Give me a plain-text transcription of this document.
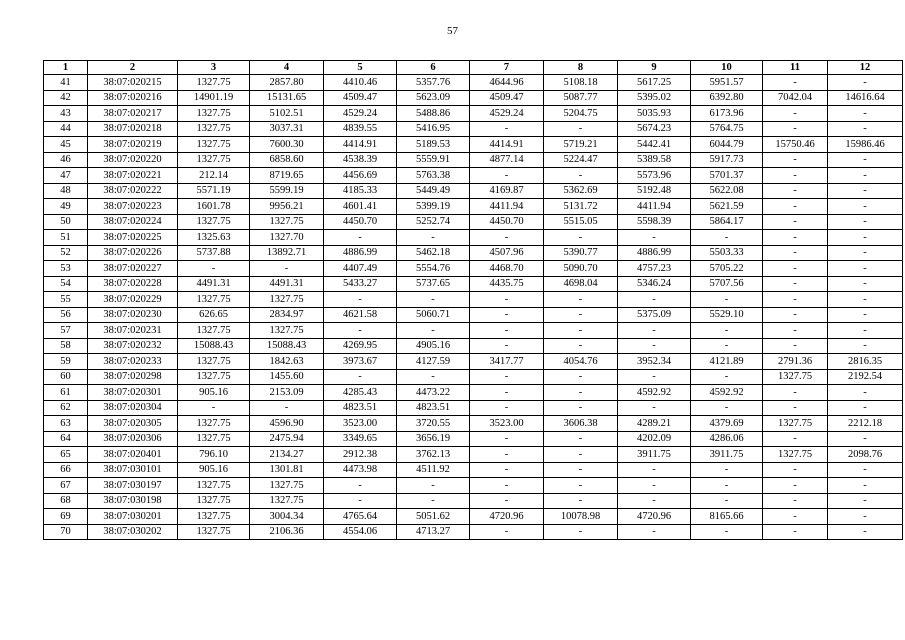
57
1	2	3	4	5	6	7	8	9	10	11	12
41	38:07:020215	1327.75	2857.80	4410.46	5357.76	4644.96	5108.18	5617.25	5951.57	-	-
42	38:07:020216	14901.19	15131.65	4509.47	5623.09	4509.47	5087.77	5395.02	6392.80	7042.04	14616.64
43	38:07:020217	1327.75	5102.51	4529.24	5488.86	4529.24	5204.75	5035.93	6173.96	-	-
44	38:07:020218	1327.75	3037.31	4839.55	5416.95	-	-	5674.23	5764.75	-	-
45	38:07:020219	1327.75	7600.30	4414.91	5189.53	4414.91	5719.21	5442.41	6044.79	15750.46	15986.46
46	38:07:020220	1327.75	6858.60	4538.39	5559.91	4877.14	5224.47	5389.58	5917.73	-	-
47	38:07:020221	212.14	8719.65	4456.69	5763.38	-	-	5573.96	5701.37	-	-
48	38:07:020222	5571.19	5599.19	4185.33	5449.49	4169.87	5362.69	5192.48	5622.08	-	-
49	38:07:020223	1601.78	9956.21	4601.41	5399.19	4411.94	5131.72	4411.94	5621.59	-	-
50	38:07:020224	1327.75	1327.75	4450.70	5252.74	4450.70	5515.05	5598.39	5864.17	-	-
51	38:07:020225	1325.63	1327.70	-	-	-	-	-	-	-	-
52	38:07:020226	5737.88	13892.71	4886.99	5462.18	4507.96	5390.77	4886.99	5503.33	-	-
53	38:07:020227	-	-	4407.49	5554.76	4468.70	5090.70	4757.23	5705.22	-	-
54	38:07:020228	4491.31	4491.31	5433.27	5737.65	4435.75	4698.04	5346.24	5707.56	-	-
55	38:07:020229	1327.75	1327.75	-	-	-	-	-	-	-	-
56	38:07:020230	626.65	2834.97	4621.58	5060.71	-	-	5375.09	5529.10	-	-
57	38:07:020231	1327.75	1327.75	-	-	-	-	-	-	-	-
58	38:07:020232	15088.43	15088.43	4269.95	4905.16	-	-	-	-	-	-
59	38:07:020233	1327.75	1842.63	3973.67	4127.59	3417.77	4054.76	3952.34	4121.89	2791.36	2816.35
60	38:07:020298	1327.75	1455.60	-	-	-	-	-	-	1327.75	2192.54
61	38:07:020301	905.16	2153.09	4285.43	4473.22	-	-	4592.92	4592.92	-	-
62	38:07:020304	-	-	4823.51	4823.51	-	-	-	-	-	-
63	38:07:020305	1327.75	4596.90	3523.00	3720.55	3523.00	3606.38	4289.21	4379.69	1327.75	2212.18
64	38:07:020306	1327.75	2475.94	3349.65	3656.19	-	-	4202.09	4286.06	-	-
65	38:07:020401	796.10	2134.27	2912.38	3762.13	-	-	3911.75	3911.75	1327.75	2098.76
66	38:07:030101	905.16	1301.81	4473.98	4511.92	-	-	-	-	-	-
67	38:07:030197	1327.75	1327.75	-	-	-	-	-	-	-	-
68	38:07:030198	1327.75	1327.75	-	-	-	-	-	-	-	-
69	38:07:030201	1327.75	3004.34	4765.64	5051.62	4720.96	10078.98	4720.96	8165.66	-	-
70	38:07:030202	1327.75	2106.36	4554.06	4713.27	-	-	-	-	-	-
